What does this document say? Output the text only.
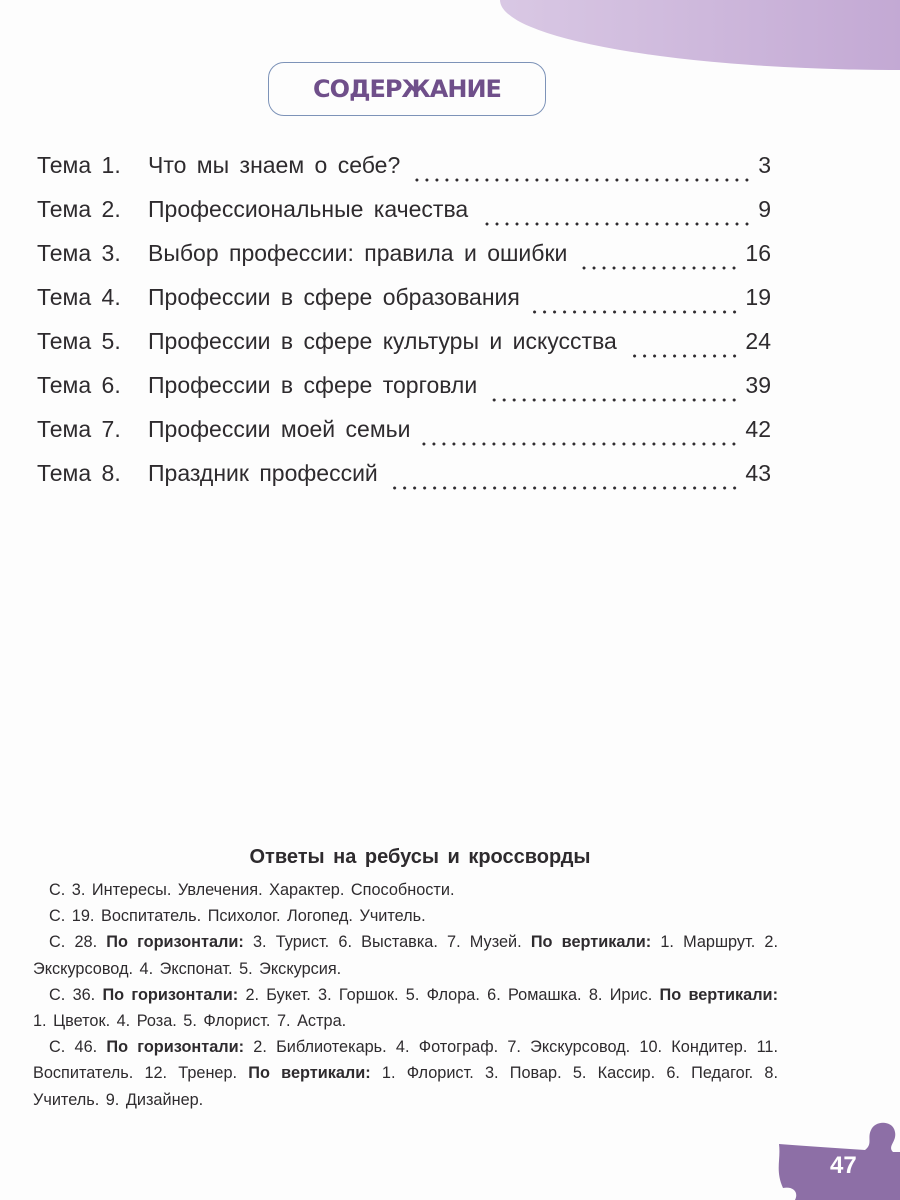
СОДЕРЖАНИЕ
Тема 1.	Что мы знаем о себе?	3
Тема 2.	Профессиональные качества	9
Тема 3.	Выбор профессии: правила и ошибки	16
Тема 4.	Профессии в сфере образования	19
Тема 5.	Профессии в сфере культуры и искусства	24
Тема 6.	Профессии в сфере торговли	39
Тема 7.	Профессии моей семьи	42
Тема 8.	Праздник профессий	43
Ответы на ребусы и кроссворды

С. 3. Интересы. Увлечения. Характер. Способности.

С. 19. Воспитатель. Психолог. Логопед. Учитель.

С. 28. По горизонтали: 3. Турист. 6. Выставка. 7. Музей. По вертикали: 1. Маршрут. 2. Экскурсовод. 4. Экспонат. 5. Экскурсия.

С. 36. По горизонтали: 2. Букет. 3. Горшок. 5. Флора. 6. Ромашка. 8. Ирис. По вертикали: 1. Цветок. 4. Роза. 5. Флорист. 7. Астра.

С. 46. По горизонтали: 2. Библиотекарь. 4. Фотограф. 7. Экскурсовод. 10. Кондитер. 11. Воспитатель. 12. Тренер. По вертикали: 1. Флорист. 3. Повар. 5. Кассир. 6. Педагог. 8. Учитель. 9. Дизайнер.

47
